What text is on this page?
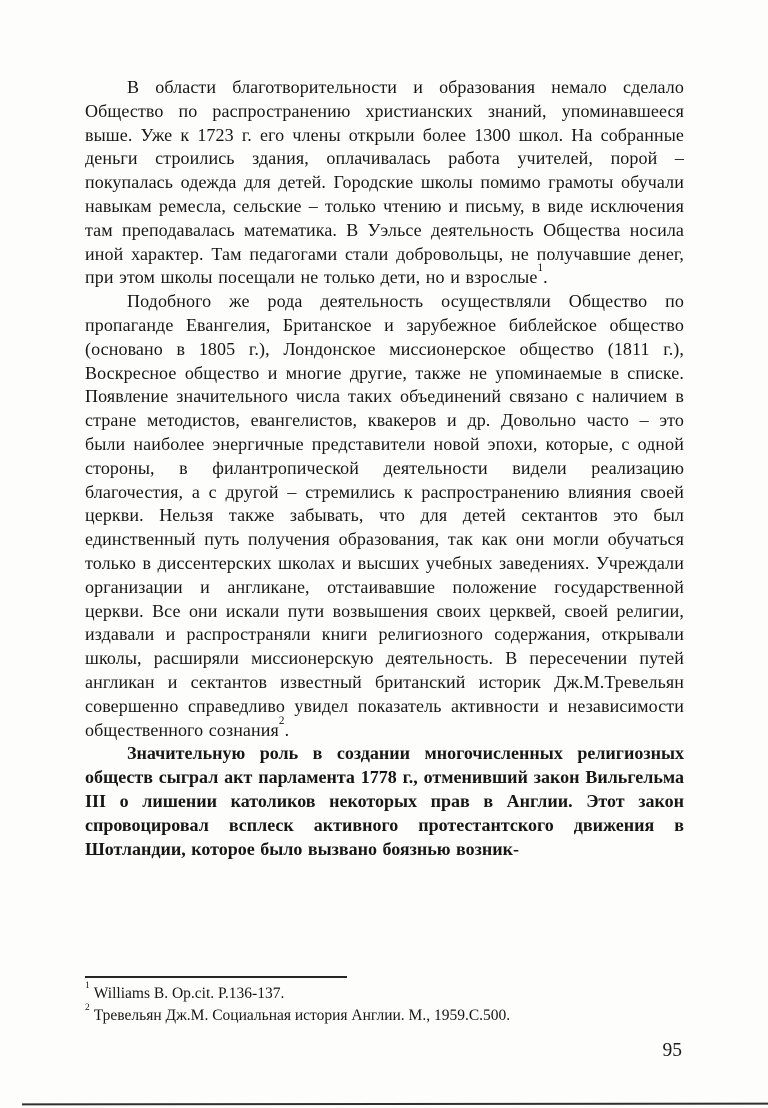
В области благотворительности и образования немало сделало Общество по распространению христианских знаний, упоминавшееся выше. Уже к 1723 г. его члены открыли более 1300 школ. На собранные деньги строились здания, оплачивалась работа учителей, порой – покупалась одежда для детей. Городские школы помимо грамоты обучали навыкам ремесла, сельские – только чтению и письму, в виде исключения там преподавалась математика. В Уэльсе деятельность Общества носила иной характер. Там педагогами стали добровольцы, не получавшие денег, при этом школы посещали не только дети, но и взрослые$^1$.

Подобного же рода деятельность осуществляли Общество по пропаганде Евангелия, Британское и зарубежное библейское общество (основано в 1805 г.), Лондонское миссионерское общество (1811 г.), Воскресное общество и многие другие, также не упоминаемые в списке. Появление значительного числа таких объединений связано с наличием в стране методистов, евангелистов, квакеров и др. Довольно часто – это были наиболее энергичные представители новой эпохи, которые, с одной стороны, в филантропической деятельности видели реализацию благочестия, а с другой – стремились к распространению влияния своей церкви. Нельзя также забывать, что для детей сектантов это был единственный путь получения образования, так как они могли обучаться только в диссентерских школах и высших учебных заведениях. Учреждали организации и англикане, отстаивавшие положение государственной церкви. Все они искали пути возвышения своих церквей, своей религии, издавали и распространяли книги религиозного содержания, открывали школы, расширяли миссионерскую деятельность. В пересечении путей англикан и сектантов известный британский историк Дж.М.Тревельян совершенно справедливо увидел показатель активности и независимости общественного сознания$^2$.

Значительную роль в создании многочисленных религиозных обществ сыграл акт парламента 1778 г., отменивший закон Вильгельма III о лишении католиков некоторых прав в Англии. Этот закон спровоцировал всплеск активного протестантского движения в Шотландии, которое было вызвано боязнью возник-

$^1$ Williams B. Op.cit. P.136-137.

$^2$ Тревельян Дж.М. Социальная история Англии. М., 1959.С.500.

95
